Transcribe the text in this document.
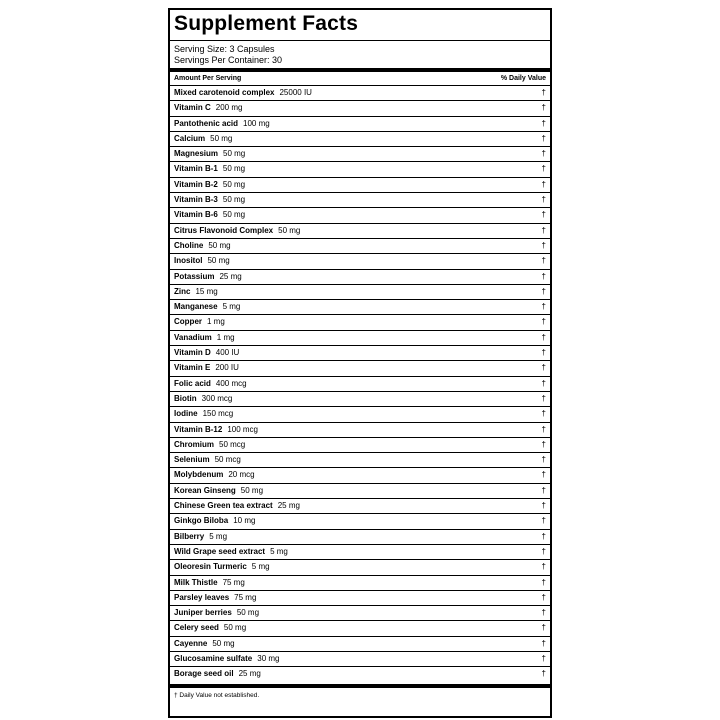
Supplement Facts
Serving Size: 3 Capsules
Servings Per Container: 30
Amount Per Serving	% Daily Value
Mixed carotenoid complex 25000 IU	†
Vitamin C 200 mg	†
Pantothenic acid 100 mg	†
Calcium 50 mg	†
Magnesium 50 mg	†
Vitamin B-1 50 mg	†
Vitamin B-2 50 mg	†
Vitamin B-3 50 mg	†
Vitamin B-6 50 mg	†
Citrus Flavonoid Complex 50 mg	†
Choline 50 mg	†
Inositol 50 mg	†
Potassium 25 mg	†
Zinc 15 mg	†
Manganese 5 mg	†
Copper 1 mg	†
Vanadium 1 mg	†
Vitamin D 400 IU	†
Vitamin E 200 IU	†
Folic acid 400 mcg	†
Biotin 300 mcg	†
Iodine 150 mcg	†
Vitamin B-12 100 mcg	†
Chromium 50 mcg	†
Selenium 50 mcg	†
Molybdenum 20 mcg	†
Korean Ginseng 50 mg	†
Chinese Green tea extract 25 mg	†
Ginkgo Biloba 10 mg	†
Bilberry 5 mg	†
Wild Grape seed extract 5 mg	†
Oleoresin Turmeric 5 mg	†
Milk Thistle 75 mg	†
Parsley leaves 75 mg	†
Juniper berries 50 mg	†
Celery seed 50 mg	†
Cayenne 50 mg	†
Glucosamine sulfate 30 mg	†
Borage seed oil 25 mg	†
† Daily Value not established.
